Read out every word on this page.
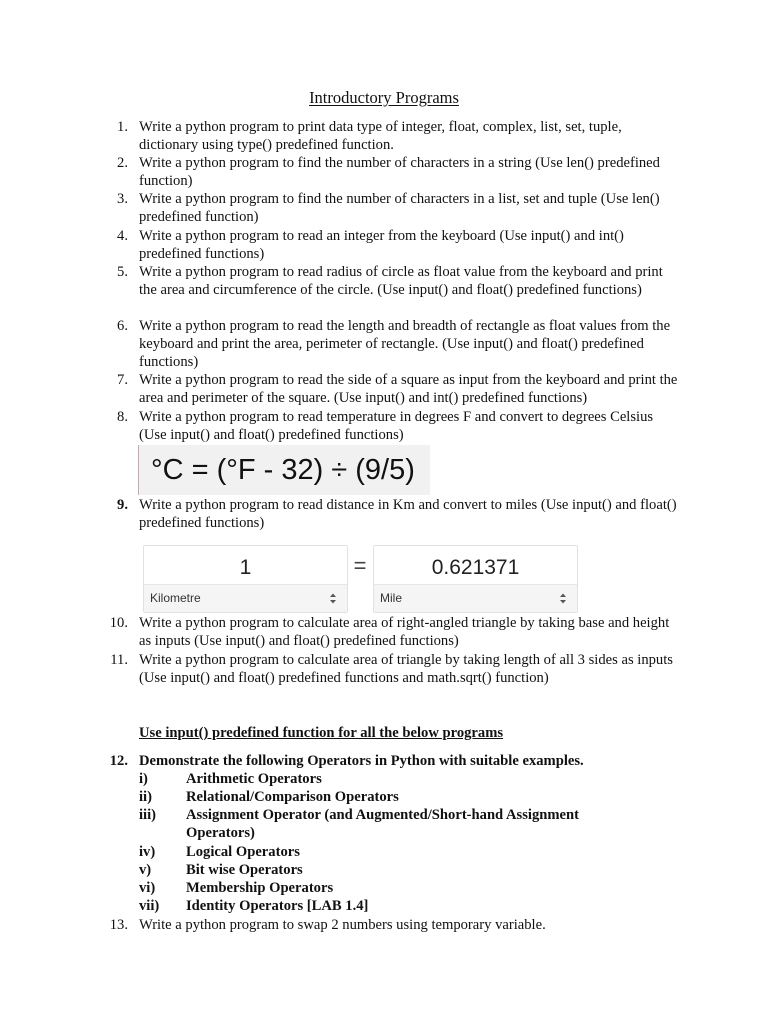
Introductory Programs
1. Write a python program to print data type of integer, float, complex, list, set, tuple, dictionary using type() predefined function.
2. Write a python program to find the number of characters in a string (Use len() predefined function)
3. Write a python program to find the number of characters in a list, set and tuple (Use len() predefined function)
4. Write a python program to read an integer from the keyboard (Use input() and int() predefined functions)
5. Write a python program to read radius of circle as float value from the keyboard and print the area and circumference of the circle. (Use input() and float() predefined functions)
6. Write a python program to read the length and breadth of rectangle as float values from the keyboard and print the area, perimeter of rectangle. (Use input() and float() predefined functions)
7. Write a python program to read the side of a square as input from the keyboard and print the area and perimeter of the square. (Use input() and int() predefined functions)
8. Write a python program to read temperature in degrees F and convert to degrees Celsius (Use input() and float() predefined functions)
°C = (°F - 32) ÷ (9/5)
9. Write a python program to read distance in Km and convert to miles (Use input() and float() predefined functions)
1
Kilometre
=	0.621371
Mile
10. Write a python program to calculate area of right-angled triangle by taking base and height as inputs (Use input() and float() predefined functions)
11. Write a python program to calculate area of triangle by taking length of all 3 sides as inputs (Use input() and float() predefined functions and math.sqrt() function)
Use input() predefined function for all the below programs
12. Demonstrate the following Operators in Python with suitable examples.
i)	Arithmetic Operators
ii) Relational/Comparison Operators
iii) Assignment Operator (and Augmented/Short-hand Assignment Operators)
iv) Logical Operators
v) Bit wise Operators
vi) Membership Operators
vii) Identity Operators [LAB 1.4]
13. Write a python program to swap 2 numbers using temporary variable.
